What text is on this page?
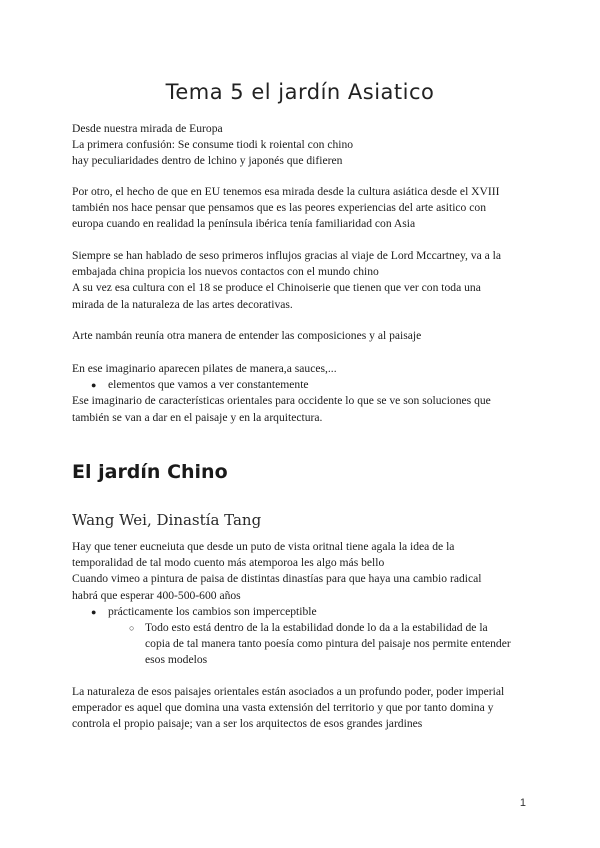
Tema 5 el jardín Asiatico
Desde nuestra mirada de Europa
La primera confusión: Se consume tiodi k roiental con chino
hay peculiaridades dentro de lchino y japonés que difieren
Por otro, el hecho de que en EU tenemos esa mirada desde la cultura asiática desde el XVIII
también nos hace pensar que pensamos que es las peores experiencias del arte asitico con
europa cuando en realidad la península ibérica tenía familiaridad con Asia
Siempre se han hablado de seso primeros influjos gracias al viaje de Lord Mccartney, va a la
embajada china propicia los nuevos contactos con el mundo chino
A su vez esa cultura con el 18 se produce el Chinoiserie que tienen que ver con toda una
mirada de la naturaleza de las artes decorativas.
Arte nambán reunía otra manera de entender las composiciones y al paisaje
En ese imaginario aparecen pilates de manera,a sauces,...
● elementos que vamos a ver constantemente
Ese imaginario de características orientales para occidente lo que se ve son soluciones que
también se van a dar en el paisaje y en la arquitectura.
El jardín Chino
Wang Wei, Dinastía Tang
Hay que tener eucneiuta que desde un puto de vista oritnal tiene agala la idea de la
temporalidad de tal modo cuento más atemporoa les algo más bello
Cuando vimeo a pintura de paisa de distintas dinastías para que haya una cambio radical
habrá que esperar 400-500-600 años
● prácticamente los cambios son imperceptible
○ Todo esto está dentro de la la estabilidad donde lo da a la estabilidad de la
copia de tal manera tanto poesía como pintura del paisaje nos permite entender
esos modelos
La naturaleza de esos paisajes orientales están asociados a un profundo poder, poder imperial
emperador es aquel que domina una vasta extensión del territorio y que por tanto domina y
controla el propio paisaje; van a ser los arquitectos de esos grandes jardines
1
